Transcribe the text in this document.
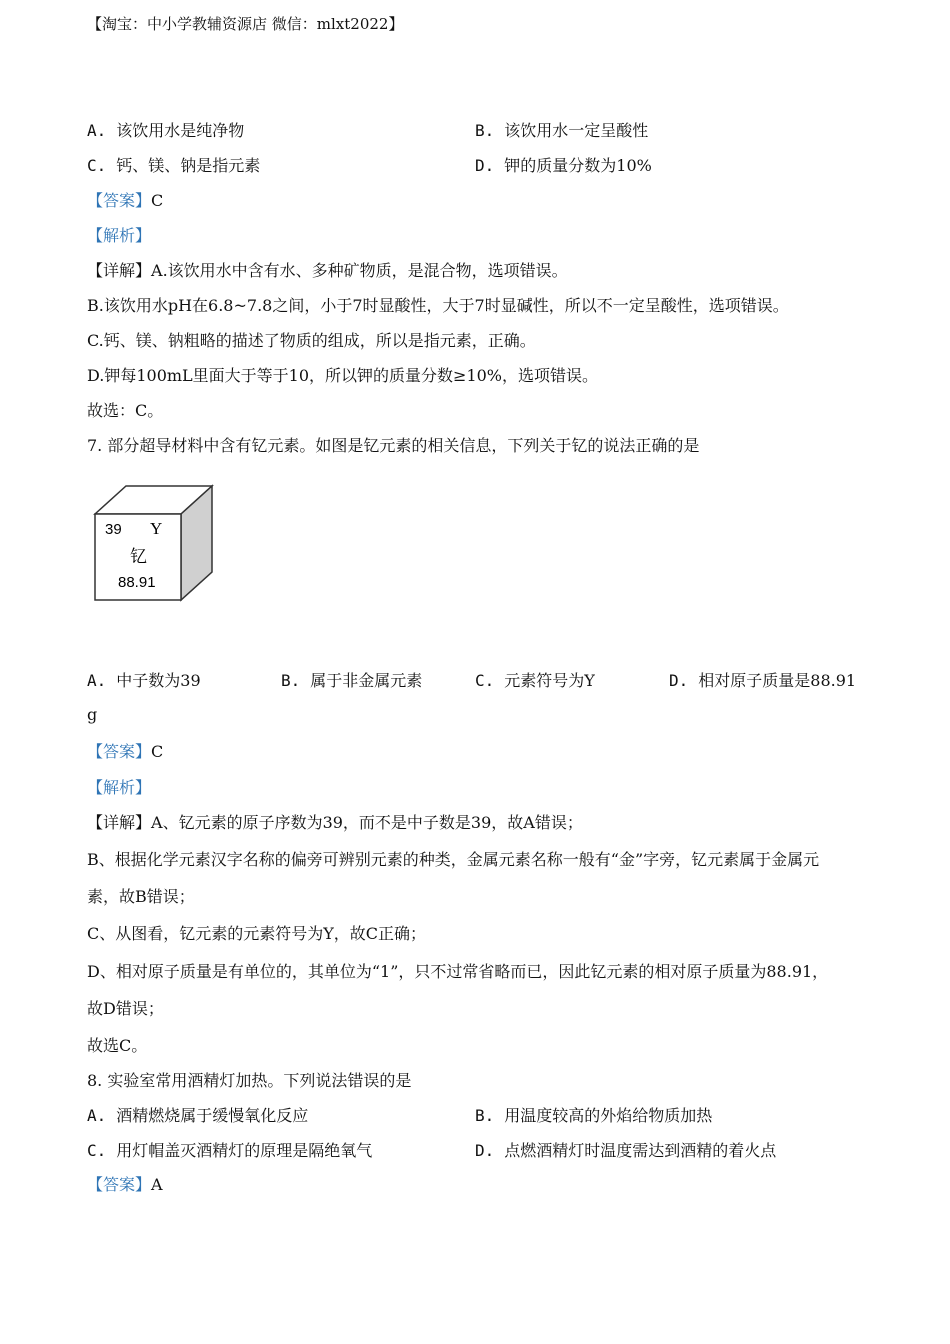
【淘宝：中小学教辅资源店 微信：mlxt2022】
A. 该饮用水是纯净物	B. 该饮用水一定呈酸性
C. 钙、镁、钠是指元素	D. 钾的质量分数为10%
【答案】C
【解析】
【详解】A.该饮用水中含有水、多种矿物质，是混合物，选项错误。
B.该饮用水pH在6.8~7.8之间，小于7时显酸性，大于7时显碱性，所以不一定呈酸性，选项错误。
C.钙、镁、钠粗略的描述了物质的组成，所以是指元素，正确。
D.钾每100mL里面大于等于10，所以钾的质量分数≥10%，选项错误。
故选：C。
7. 部分超导材料中含有钇元素。如图是钇元素的相关信息，下列关于钇的说法正确的是
39 Y
钇
88.91
A. 中子数为39	B. 属于非金属元素	C. 元素符号为Y	D. 相对原子质量是88.91
g
【答案】C
【解析】
【详解】A、钇元素的原子序数为39，而不是中子数是39，故A错误；
B、根据化学元素汉字名称的偏旁可辨别元素的种类，金属元素名称一般有“金”字旁，钇元素属于金属元
素，故B错误；
C、从图看，钇元素的元素符号为Y，故C正确；
D、相对原子质量是有单位的，其单位为“1”，只不过常省略而已，因此钇元素的相对原子质量为88.91，
故D错误；
故选C。
8. 实验室常用酒精灯加热。下列说法错误的是
A. 酒精燃烧属于缓慢氧化反应	B. 用温度较高的外焰给物质加热
C. 用灯帽盖灭酒精灯的原理是隔绝氧气	D. 点燃酒精灯时温度需达到酒精的着火点
【答案】A
